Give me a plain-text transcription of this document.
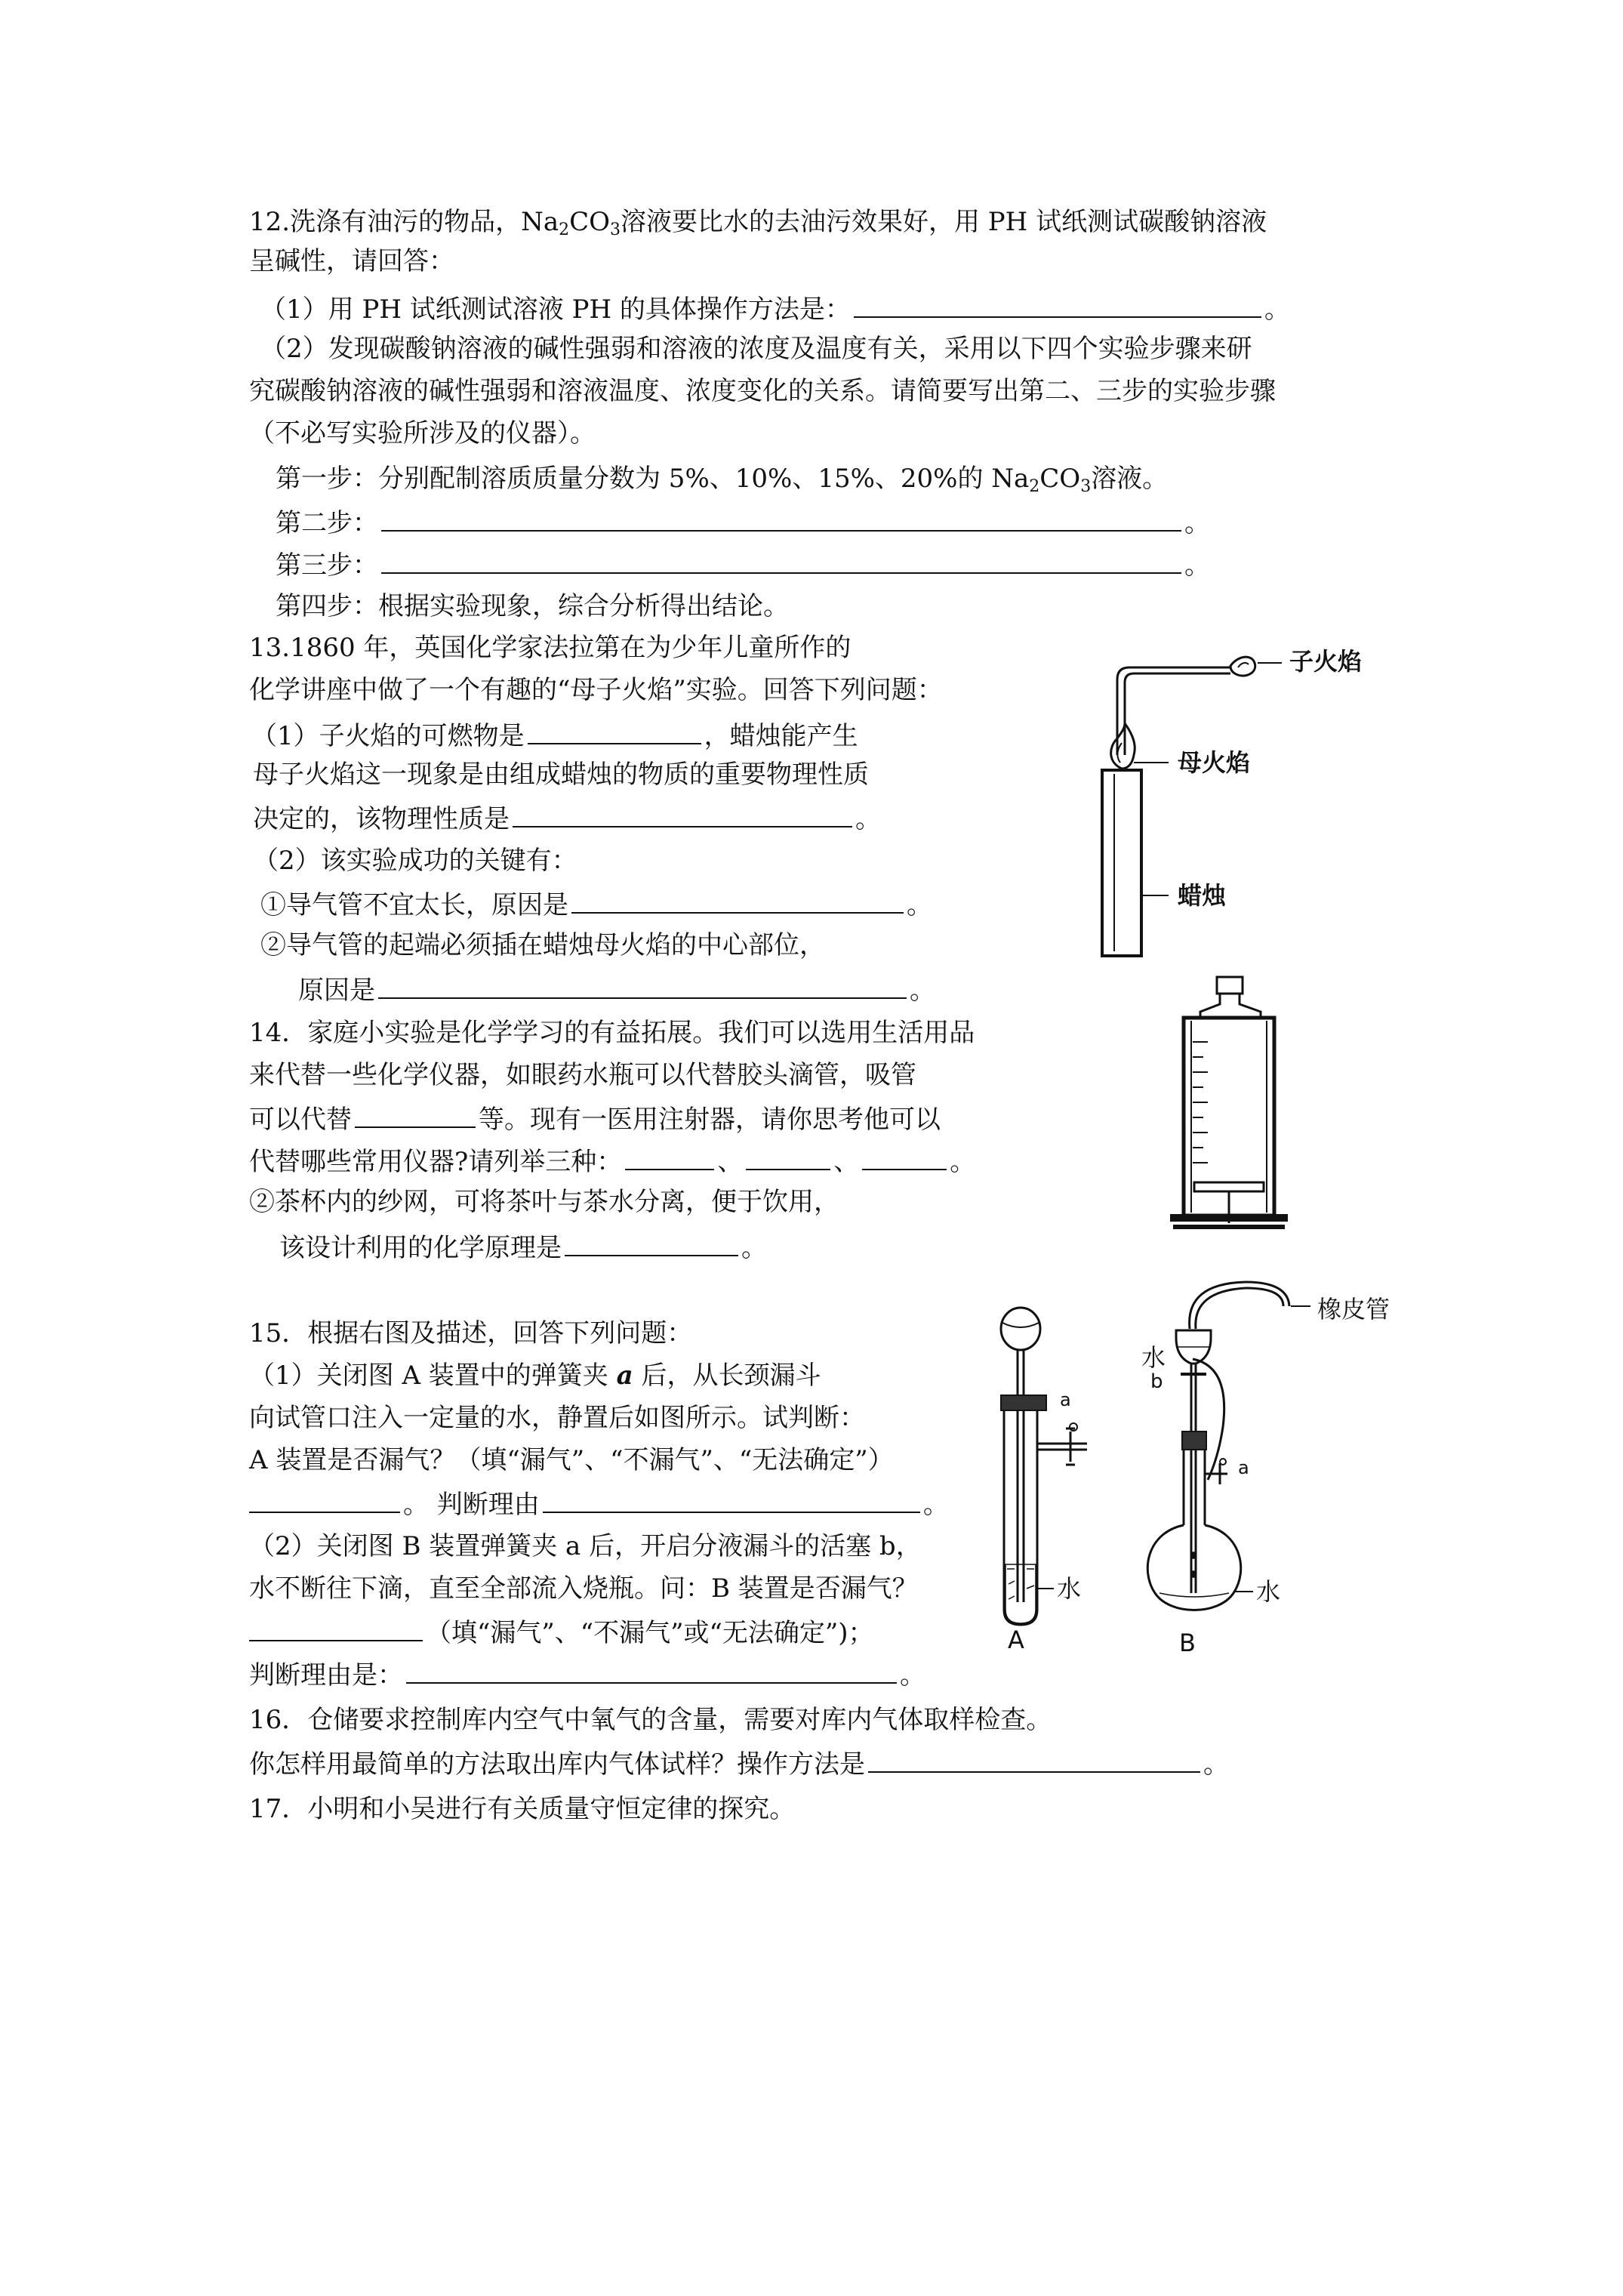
12.洗涤有油污的物品，$Na_2CO_3$溶液要比水的去油污效果好，用 PH 试纸测试碳酸钠溶液
呈碱性，请回答：
（1）用 PH 试纸测试溶液 PH 的具体操作方法是：	。
（2）发现碳酸钠溶液的碱性强弱和溶液的浓度及温度有关，采用以下四个实验步骤来研
究碳酸钠溶液的碱性强弱和溶液温度、浓度变化的关系。请简要写出第二、三步的实验步骤
（不必写实验所涉及的仪器）。
第一步：分别配制溶质质量分数为 5%、10%、15%、20%的 $Na_2CO_3$溶液。
第二步：	。
第三步：	。
第四步：根据实验现象，综合分析得出结论。
13.1860 年，英国化学家法拉第在为少年儿童所作的
化学讲座中做了一个有趣的“母子火焰”实验。回答下列问题：
（1）子火焰的可燃物是	，蜡烛能产生
母子火焰这一现象是由组成蜡烛的物质的重要物理性质
决定的，该物理性质是	。
（2）该实验成功的关键有：
①导气管不宜太长，原因是	。
②导气管的起端必须插在蜡烛母火焰的中心部位，
原因是	。
子火焰
母火焰
蜡烛
14．家庭小实验是化学学习的有益拓展。我们可以选用生活用品
来代替一些化学仪器，如眼药水瓶可以代替胶头滴管，吸管
可以代替	等。现有一医用注射器，请你思考他可以
代替哪些常用仪器?请列举三种：	、	、	。
②茶杯内的纱网，可将茶叶与茶水分离，便于饮用，
该设计利用的化学原理是	。
15．根据右图及描述，回答下列问题：
（1）关闭图 A 装置中的弹簧夹 a 后，从长颈漏斗
向试管口注入一定量的水，静置后如图所示。试判断：
A 装置是否漏气？（填“漏气”、“不漏气”、“无法确定”）
。 判断理由	。
（2）关闭图 B 装置弹簧夹 a 后，开启分液漏斗的活塞 b，
水不断往下滴，直至全部流入烧瓶。问：B 装置是否漏气？
（填“漏气”、“不漏气”或“无法确定”)；
判断理由是：	。
a
水
A
橡皮管
水
b
a
水
B
16．仓储要求控制库内空气中氧气的含量，需要对库内气体取样检查。
你怎样用最简单的方法取出库内气体试样？操作方法是	。
17．小明和小吴进行有关质量守恒定律的探究。
